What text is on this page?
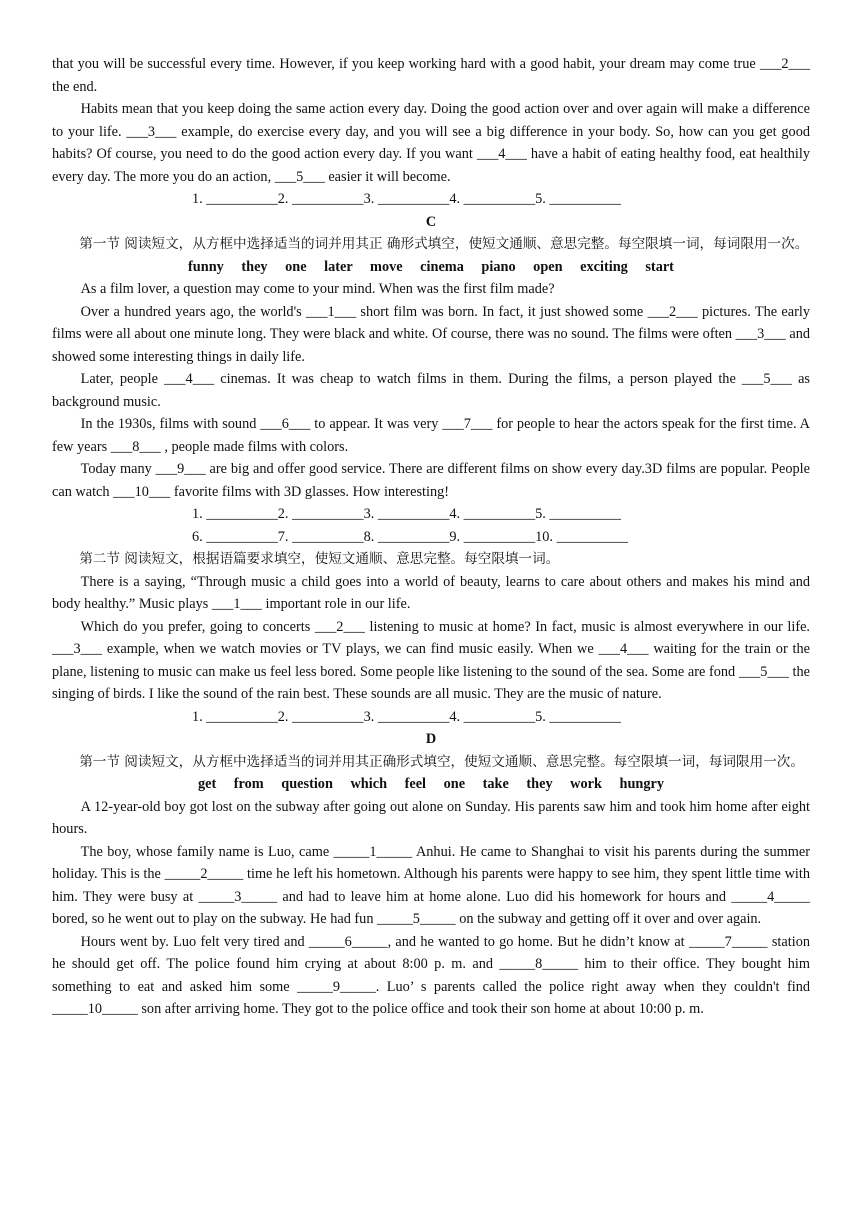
that you will be successful every time. However, if you keep working hard with a good habit, your dream may come true ___2___ the end.

Habits mean that you keep doing the same action every day. Doing the good action over and over again will make a difference to your life. ___3___ example, do exercise every day, and you will see a big difference in your body. So, how can you get good habits? Of course, you need to do the good action every day. If you want ___4___ have a habit of eating healthy food, eat healthily every day. The more you do an action, ___5___ easier it will become.

1. __________2. __________3. __________4. __________5. __________

C

第一节 阅读短文，从方框中选择适当的词并用其正 确形式填空，使短文通顺、意思完整。每空限填一词，每词限用一次。

funny they one later move cinema piano open exciting start

As a film lover, a question may come to your mind. When was the first film made?

Over a hundred years ago, the world's ___1___ short film was born. In fact, it just showed some ___2___ pictures. The early films were all about one minute long. They were black and white. Of course, there was no sound. The films were often ___3___ and showed some interesting things in daily life.

Later, people ___4___ cinemas. It was cheap to watch films in them. During the films, a person played the ___5___ as background music.

In the 1930s, films with sound ___6___ to appear. It was very ___7___ for people to hear the actors speak for the first time. A few years ___8___ , people made films with colors.

Today many ___9___ are big and offer good service. There are different films on show every day.3D films are popular. People can watch ___10___ favorite films with 3D glasses. How interesting!

1. __________2. __________3. __________4. __________5. __________

6. __________7. __________8. __________9. __________10. __________

第二节 阅读短文，根据语篇要求填空，使短文通顺、意思完整。每空限填一词。

There is a saying, “Through music a child goes into a world of beauty, learns to care about others and makes his mind and body healthy.” Music plays ___1___ important role in our life.

Which do you prefer, going to concerts ___2___ listening to music at home? In fact, music is almost everywhere in our life. ___3___ example, when we watch movies or TV plays, we can find music easily. When we ___4___ waiting for the train or the plane, listening to music can make us feel less bored. Some people like listening to the sound of the sea. Some are fond ___5___ the singing of birds. I like the sound of the rain best. These sounds are all music. They are the music of nature.

1. __________2. __________3. __________4. __________5. __________

D

第一节 阅读短文，从方框中选择适当的词并用其正确形式填空，使短文通顺、意思完整。每空限填一词，每词限用一次。

get from question which feel one take they work hungry

A 12-year-old boy got lost on the subway after going out alone on Sunday. His parents saw him and took him home after eight hours.

The boy, whose family name is Luo, came _____1_____ Anhui. He came to Shanghai to visit his parents during the summer holiday. This is the _____2_____ time he left his hometown. Although his parents were happy to see him, they spent little time with him. They were busy at _____3_____ and had to leave him at home alone. Luo did his homework for hours and _____4_____ bored, so he went out to play on the subway. He had fun _____5_____ on the subway and getting off it over and over again.

Hours went by. Luo felt very tired and _____6_____, and he wanted to go home. But he didn’t know at _____7_____ station he should get off. The police found him crying at about 8:00 p. m. and _____8_____ him to their office. They bought him something to eat and asked him some _____9_____. Luo’ s parents called the police right away when they couldn't find _____10_____ son after arriving home. They got to the police office and took their son home at about 10:00 p. m.
